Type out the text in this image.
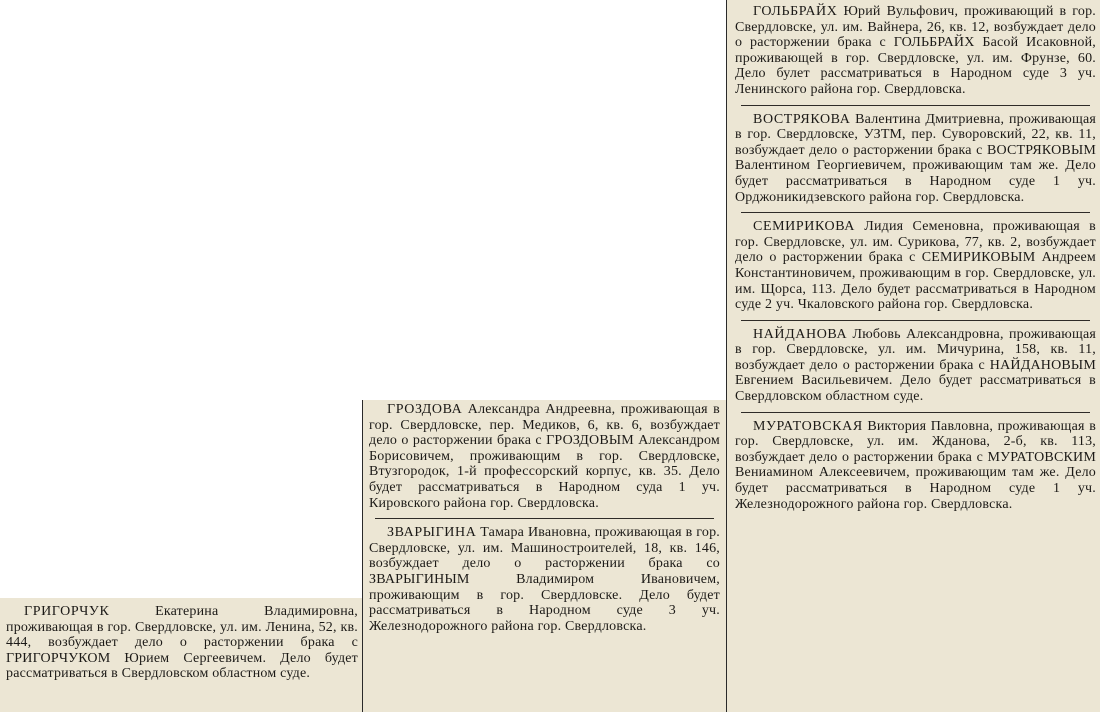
ГРИГОРЧУК	Екатерина Владимировна, проживающая в гор. Свердловске, ул. им. Ленина, 52, кв. 444, возбуждает дело о расторжении брака с ГРИГОРЧУКОМ Юрием Сергеевичем. Дело будет рассматриваться в Свердловском областном суде.

ГРОЗДОВА Александра Андреевна, проживающая в гор. Свердловске, пер. Медиков, 6, кв. 6, возбуждает дело о расторжении брака с ГРОЗДОВЫМ Александром Борисовичем, проживающим в гор. Свердловске, Втузгородок, 1-й профессорский корпус, кв. 35. Дело будет рассматриваться в Народном суда 1 уч. Кировского района гор. Свердловска.

ЗВАРЫГИНА Тамара Ивановна, проживающая в гор. Свердловске, ул. им. Машиностроителей, 18, кв. 146, возбуждает дело о расторжении брака со ЗВАРЫГИНЫМ Владимиром Ивановичем, проживающим в гор. Свердловске. Дело будет рассматриваться в Народном суде 3 уч. Железнодорожного района гор. Свердловска.

ГОЛЬБРАЙХ Юрий Вульфович, проживающий в гор. Свердловске, ул. им. Вайнера, 26, кв. 12, возбуждает дело о расторжении брака с ГОЛЬБРАЙХ Басой Исаковной, проживающей в гор. Свердловске, ул. им. Фрунзе, 60. Дело булет рассматриваться в Народном суде 3 уч. Ленинского района гор. Свердловска.

ВОСТРЯКОВА Валентина Дмитриевна, проживающая в гор. Свердловске, УЗТМ, пер. Суворовский, 22, кв. 11, возбуждает дело о расторжении брака с ВОСТРЯКОВЫМ Валентином Георгиевичем, проживающим там же. Дело будет рассматриваться в Народном суде 1 уч. Орджоникидзевского района гор. Свердловска.

СЕМИРИКОВА Лидия Семеновна, проживающая в гор. Свердловске, ул. им. Сурикова, 77, кв. 2, возбуждает дело о расторжении брака с СЕМИРИКОВЫМ Андреем Константиновичем, проживающим в гор. Свердловске, ул. им. Щорса, 113. Дело будет рассматриваться в Народном суде 2 уч. Чкаловского района гор. Свердловска.

НАЙДАНОВА Любовь Александровна, проживающая в гор. Свердловске, ул. им. Мичурина, 158, кв. 11, возбуждает дело о расторжении брака с НАЙДАНОВЫМ Евгением Васильевичем. Дело будет рассматриваться в Свердловском областном суде.

МУРАТОВСКАЯ Виктория Павловна, проживающая в гор. Свердловске, ул. им. Жданова, 2-б, кв. 113, возбуждает дело о расторжении брака с МУРАТОВСКИМ Вениамином Алексеевичем, проживающим там же. Дело будет рассматриваться в Народном суде 1 уч. Железнодорожного района гор. Свердловска.
